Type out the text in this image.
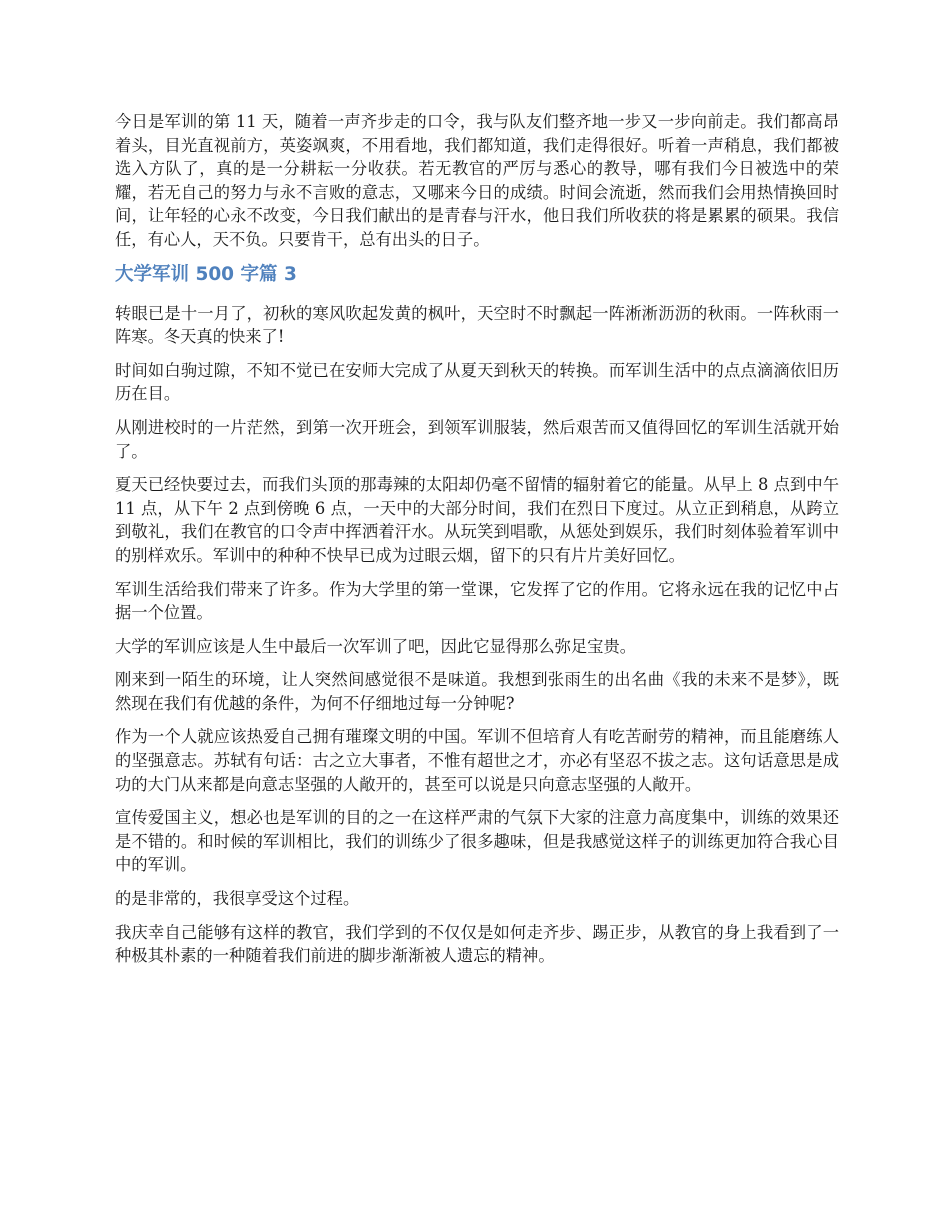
今日是军训的第 11 天，随着一声齐步走的口令，我与队友们整齐地一步又一步向前走。我们都高昂着头，目光直视前方，英姿飒爽，不用看地，我们都知道，我们走得很好。听着一声稍息，我们都被选入方队了，真的是一分耕耘一分收获。若无教官的严厉与悉心的教导，哪有我们今日被选中的荣耀，若无自己的努力与永不言败的意志，又哪来今日的成绩。时间会流逝，然而我们会用热情换回时间，让年轻的心永不改变，今日我们献出的是青春与汗水，他日我们所收获的将是累累的硕果。我信任，有心人，天不负。只要肯干，总有出头的日子。

大学军训 500 字篇 3

转眼已是十一月了，初秋的寒风吹起发黄的枫叶，天空时不时飘起一阵淅淅沥沥的秋雨。一阵秋雨一阵寒。冬天真的快来了!

时间如白驹过隙，不知不觉已在安师大完成了从夏天到秋天的转换。而军训生活中的点点滴滴依旧历历在目。

从刚进校时的一片茫然，到第一次开班会，到领军训服装，然后艰苦而又值得回忆的军训生活就开始了。

夏天已经快要过去，而我们头顶的那毒辣的太阳却仍毫不留情的辐射着它的能量。从早上 8 点到中午 11 点，从下午 2 点到傍晚 6 点，一天中的大部分时间，我们在烈日下度过。从立正到稍息，从跨立到敬礼，我们在教官的口令声中挥洒着汗水。从玩笑到唱歌，从惩处到娱乐，我们时刻体验着军训中的别样欢乐。军训中的种种不快早已成为过眼云烟，留下的只有片片美好回忆。

军训生活给我们带来了许多。作为大学里的第一堂课，它发挥了它的作用。它将永远在我的记忆中占据一个位置。

大学的军训应该是人生中最后一次军训了吧，因此它显得那么弥足宝贵。

刚来到一陌生的环境，让人突然间感觉很不是味道。我想到张雨生的出名曲《我的未来不是梦》，既然现在我们有优越的条件，为何不仔细地过每一分钟呢?

作为一个人就应该热爱自己拥有璀璨文明的中国。军训不但培育人有吃苦耐劳的精神，而且能磨练人的坚强意志。苏轼有句话：古之立大事者，不惟有超世之才，亦必有坚忍不拔之志。这句话意思是成功的大门从来都是向意志坚强的人敞开的，甚至可以说是只向意志坚强的人敞开。

宣传爱国主义，想必也是军训的目的之一在这样严肃的气氛下大家的注意力高度集中，训练的效果还是不错的。和时候的军训相比，我们的训练少了很多趣味，但是我感觉这样子的训练更加符合我心目中的军训。

的是非常的，我很享受这个过程。

我庆幸自己能够有这样的教官，我们学到的不仅仅是如何走齐步、踢正步，从教官的身上我看到了一种极其朴素的一种随着我们前进的脚步渐渐被人遗忘的精神。
